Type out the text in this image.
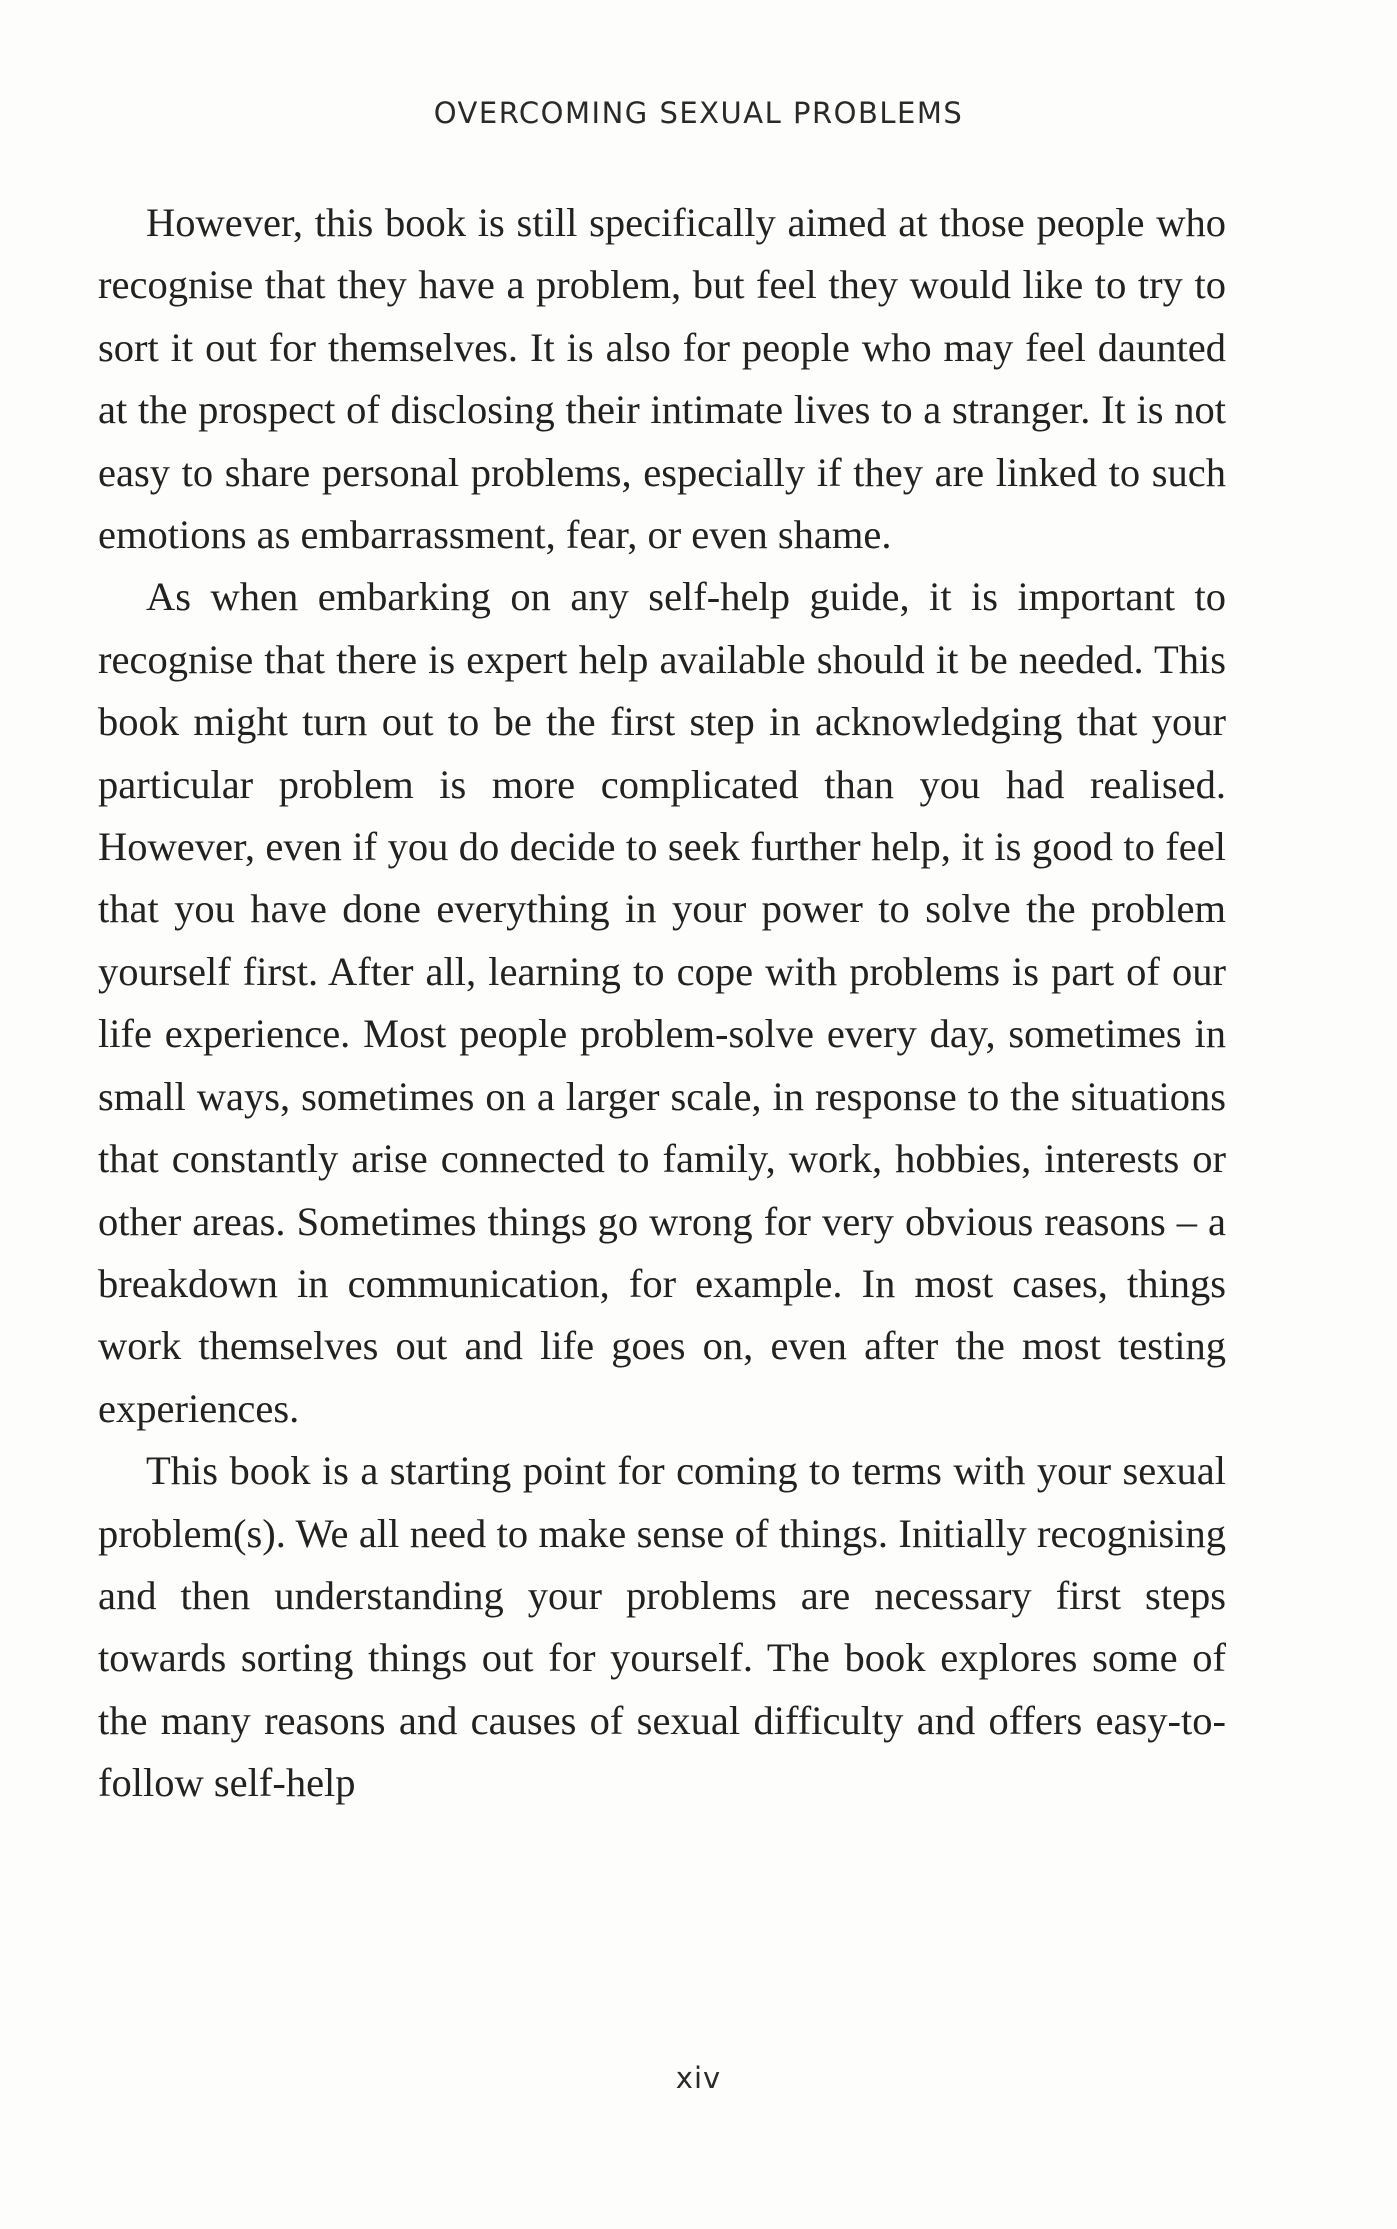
OVERCOMING SEXUAL PROBLEMS

However, this book is still specifically aimed at those people who recognise that they have a problem, but feel they would like to try to sort it out for themselves. It is also for people who may feel daunted at the prospect of disclosing their intimate lives to a stranger. It is not easy to share personal problems, especially if they are linked to such emotions as embarrassment, fear, or even shame.

As when embarking on any self-help guide, it is important to recognise that there is expert help available should it be needed. This book might turn out to be the first step in acknowledging that your particular problem is more complicated than you had realised. However, even if you do decide to seek further help, it is good to feel that you have done everything in your power to solve the problem yourself first. After all, learning to cope with problems is part of our life experience. Most people problem-solve every day, sometimes in small ways, sometimes on a larger scale, in response to the situations that constantly arise connected to family, work, hobbies, interests or other areas. Sometimes things go wrong for very obvious reasons – a breakdown in communication, for example. In most cases, things work themselves out and life goes on, even after the most testing experiences.

This book is a starting point for coming to terms with your sexual problem(s). We all need to make sense of things. Initially recognising and then understanding your problems are necessary first steps towards sorting things out for yourself. The book explores some of the many reasons and causes of sexual difficulty and offers easy-to-follow self-help

xiv
